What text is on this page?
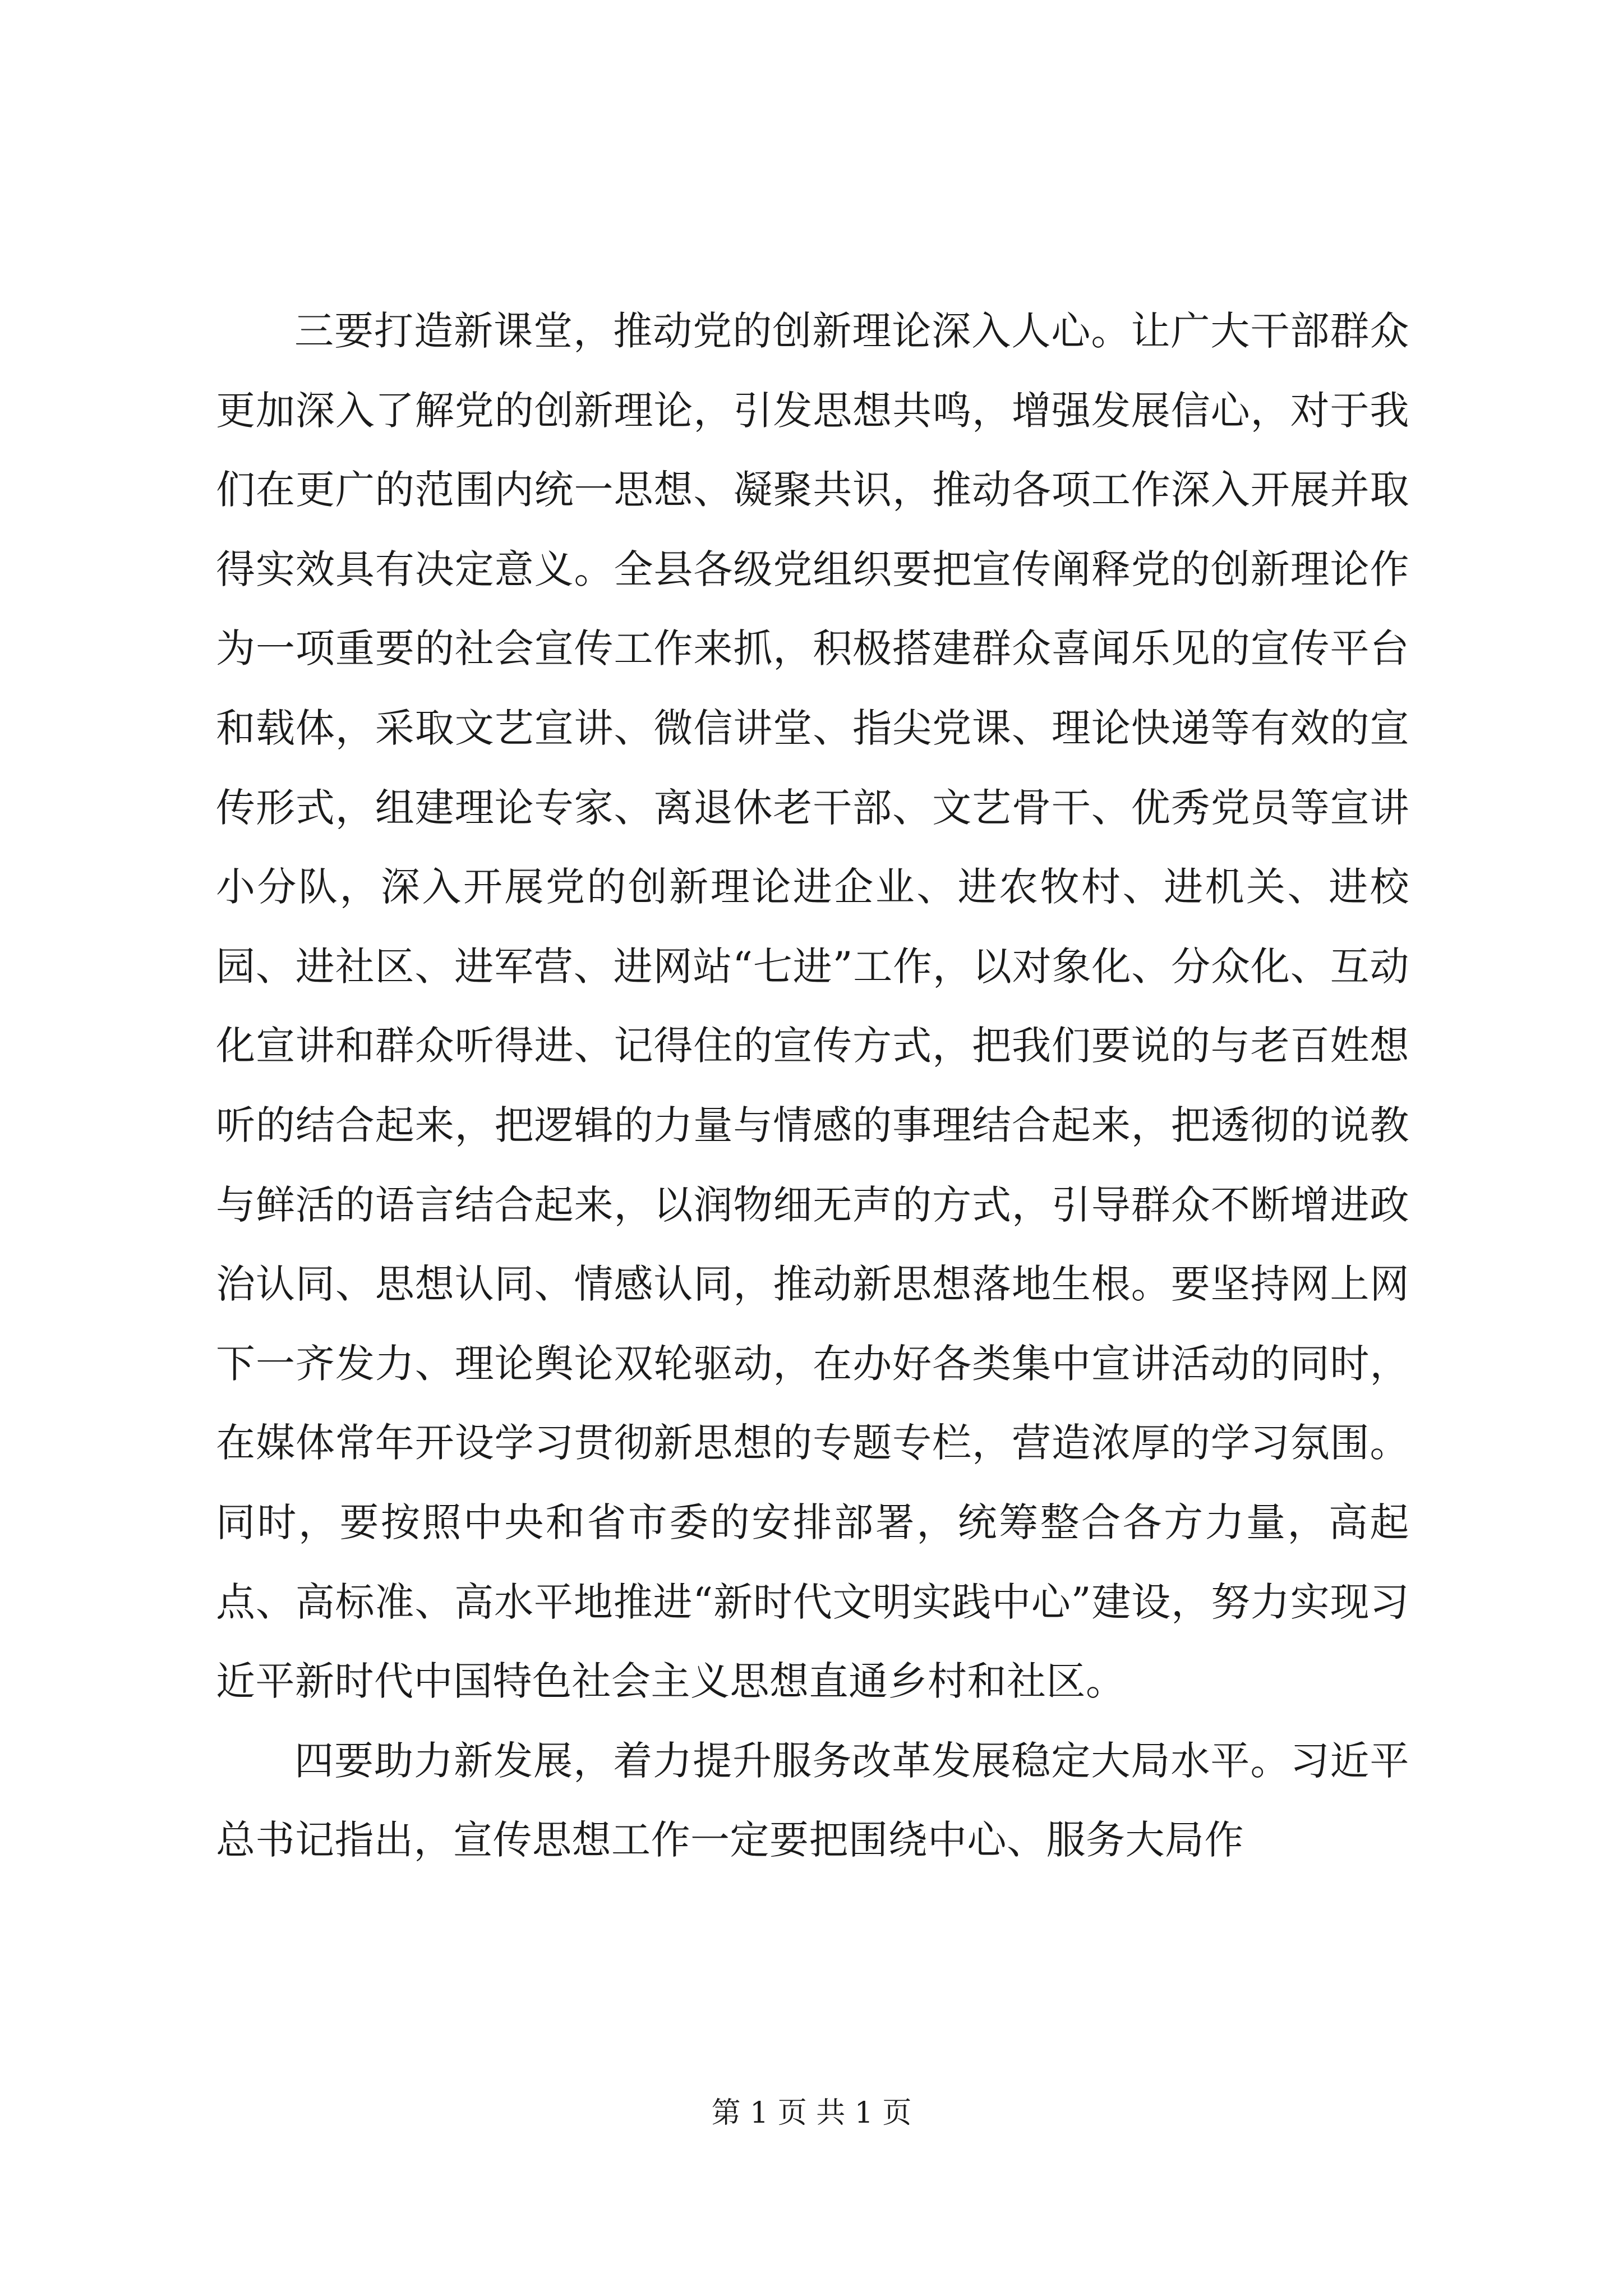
三要打造新课堂，推动党的创新理论深入人心。让广大干部群众更加深入了解党的创新理论，引发思想共鸣，增强发展信心，对于我们在更广的范围内统一思想、凝聚共识，推动各项工作深入开展并取得实效具有决定意义。全县各级党组织要把宣传阐释党的创新理论作为一项重要的社会宣传工作来抓，积极搭建群众喜闻乐见的宣传平台和载体，采取文艺宣讲、微信讲堂、指尖党课、理论快递等有效的宣传形式，组建理论专家、离退休老干部、文艺骨干、优秀党员等宣讲小分队，深入开展党的创新理论进企业、进农牧村、进机关、进校园、进社区、进军营、进网站“七进”工作，以对象化、分众化、互动化宣讲和群众听得进、记得住的宣传方式，把我们要说的与老百姓想听的结合起来，把逻辑的力量与情感的事理结合起来，把透彻的说教与鲜活的语言结合起来，以润物细无声的方式，引导群众不断增进政治认同、思想认同、情感认同，推动新思想落地生根。要坚持网上网下一齐发力、理论舆论双轮驱动，在办好各类集中宣讲活动的同时，在媒体常年开设学习贯彻新思想的专题专栏，营造浓厚的学习氛围。同时，要按照中央和省市委的安排部署，统筹整合各方力量，高起点、高标准、高水平地推进“新时代文明实践中心”建设，努力实现习近平新时代中国特色社会主义思想直通乡村和社区。

四要助力新发展，着力提升服务改革发展稳定大局水平。习近平总书记指出，宣传思想工作一定要把围绕中心、服务大局作

第 1 页 共 1 页
